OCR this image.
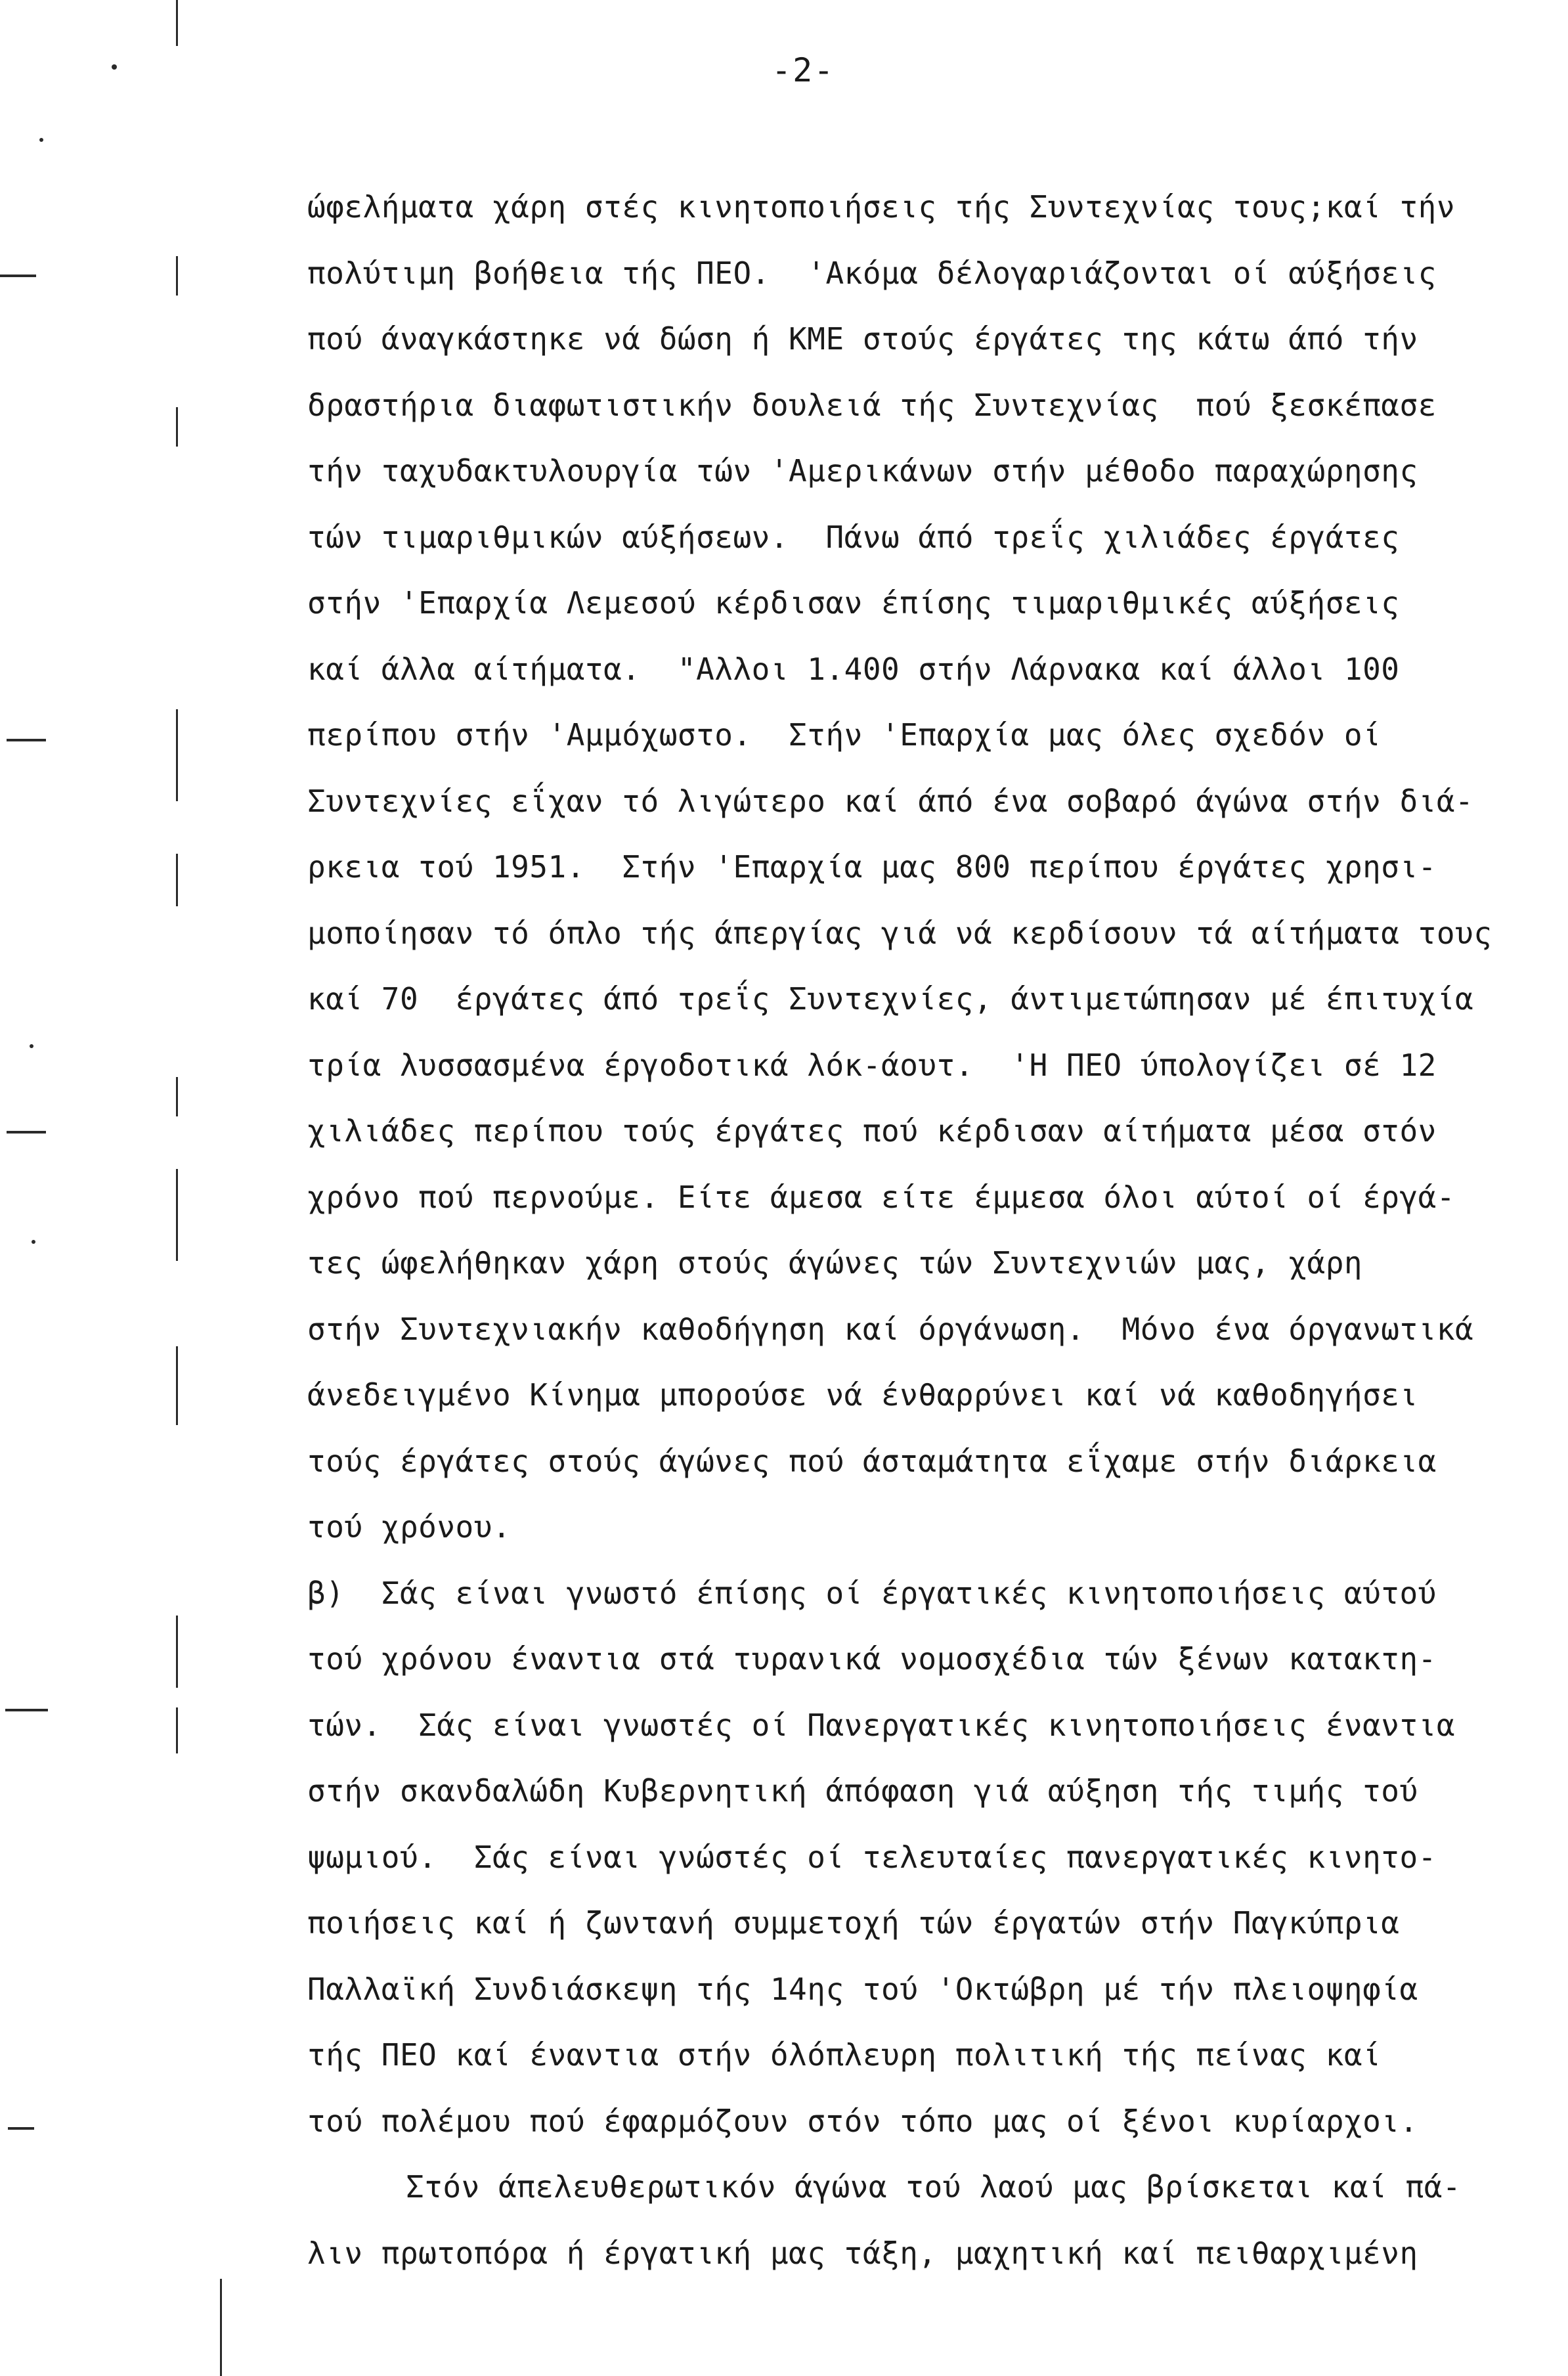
-2-
ώφελήματα χάρη στές κινητοποιήσεις τής Συντεχνίας τους;καί τήν
πολύτιμη βοήθεια τής ΠΕΟ.  'Ακόμα δέλογαριάζονται οί αύξήσεις
πού άναγκάστηκε νά δώση ή ΚΜΕ στούς έργάτες της κάτω άπό τήν
δραστήρια διαφωτιστικήν δουλειά τής Συντεχνίας  πού ξεσκέπασε
τήν ταχυδακτυλουργία τών 'Αμερικάνων στήν μέθοδο παραχώρησης
τών τιμαριθμικών αύξήσεων.  Πάνω άπό τρεΐς χιλιάδες έργάτες
στήν 'Επαρχία Λεμεσού κέρδισαν έπίσης τιμαριθμικές αύξήσεις
καί άλλα αίτήματα.  "Αλλοι 1.400 στήν Λάρνακα καί άλλοι 100
περίπου στήν 'Αμμόχωστο.  Στήν 'Επαρχία μας όλες σχεδόν οί
Συντεχνίες εΐχαν τό λιγώτερο καί άπό ένα σοβαρό άγώνα στήν διά-
ρκεια τού 1951.  Στήν 'Επαρχία μας 800 περίπου έργάτες χρησι-
μοποίησαν τό όπλο τής άπεργίας γιά νά κερδίσουν τά αίτήματα τους
καί 70  έργάτες άπό τρεΐς Συντεχνίες, άντιμετώπησαν μέ έπιτυχία
τρία λυσσασμένα έργοδοτικά λόκ-άουτ.  'Η ΠΕΟ ύπολογίζει σέ 12
χιλιάδες περίπου τούς έργάτες πού κέρδισαν αίτήματα μέσα στόν
χρόνο πού περνούμε. Είτε άμεσα είτε έμμεσα όλοι αύτοί οί έργά-
τες ώφελήθηκαν χάρη στούς άγώνες τών Συντεχνιών μας, χάρη
στήν Συντεχνιακήν καθοδήγηση καί όργάνωση.  Μόνο ένα όργανωτικά
άνεδειγμένο Κίνημα μπορούσε νά ένθαρρύνει καί νά καθοδηγήσει
τούς έργάτες στούς άγώνες πού άσταμάτητα εΐχαμε στήν διάρκεια
τού χρόνου.
β)  Σάς είναι γνωστό έπίσης οί έργατικές κινητοποιήσεις αύτού
τού χρόνου έναντια στά τυρανικά νομοσχέδια τών ξένων κατακτη-
τών.  Σάς είναι γνωστές οί Πανεργατικές κινητοποιήσεις έναντια
στήν σκανδαλώδη Κυβερνητική άπόφαση γιά αύξηση τής τιμής τού
ψωμιού.  Σάς είναι γνώστές οί τελευταίες πανεργατικές κινητο-
ποιήσεις καί ή ζωντανή συμμετοχή τών έργατών στήν Παγκύπρια
Παλλαϊκή Συνδιάσκεψη τής 14ης τού 'Οκτώβρη μέ τήν πλειοψηφία
τής ΠΕΟ καί έναντια στήν όλόπλευρη πολιτική τής πείνας καί
τού πολέμου πού έφαρμόζουν στόν τόπο μας οί ξένοι κυρίαρχοι.
Στόν άπελευθερωτικόν άγώνα τού λαού μας βρίσκεται καί πά-
λιν πρωτοπόρα ή έργατική μας τάξη, μαχητική καί πειθαρχιμένη
